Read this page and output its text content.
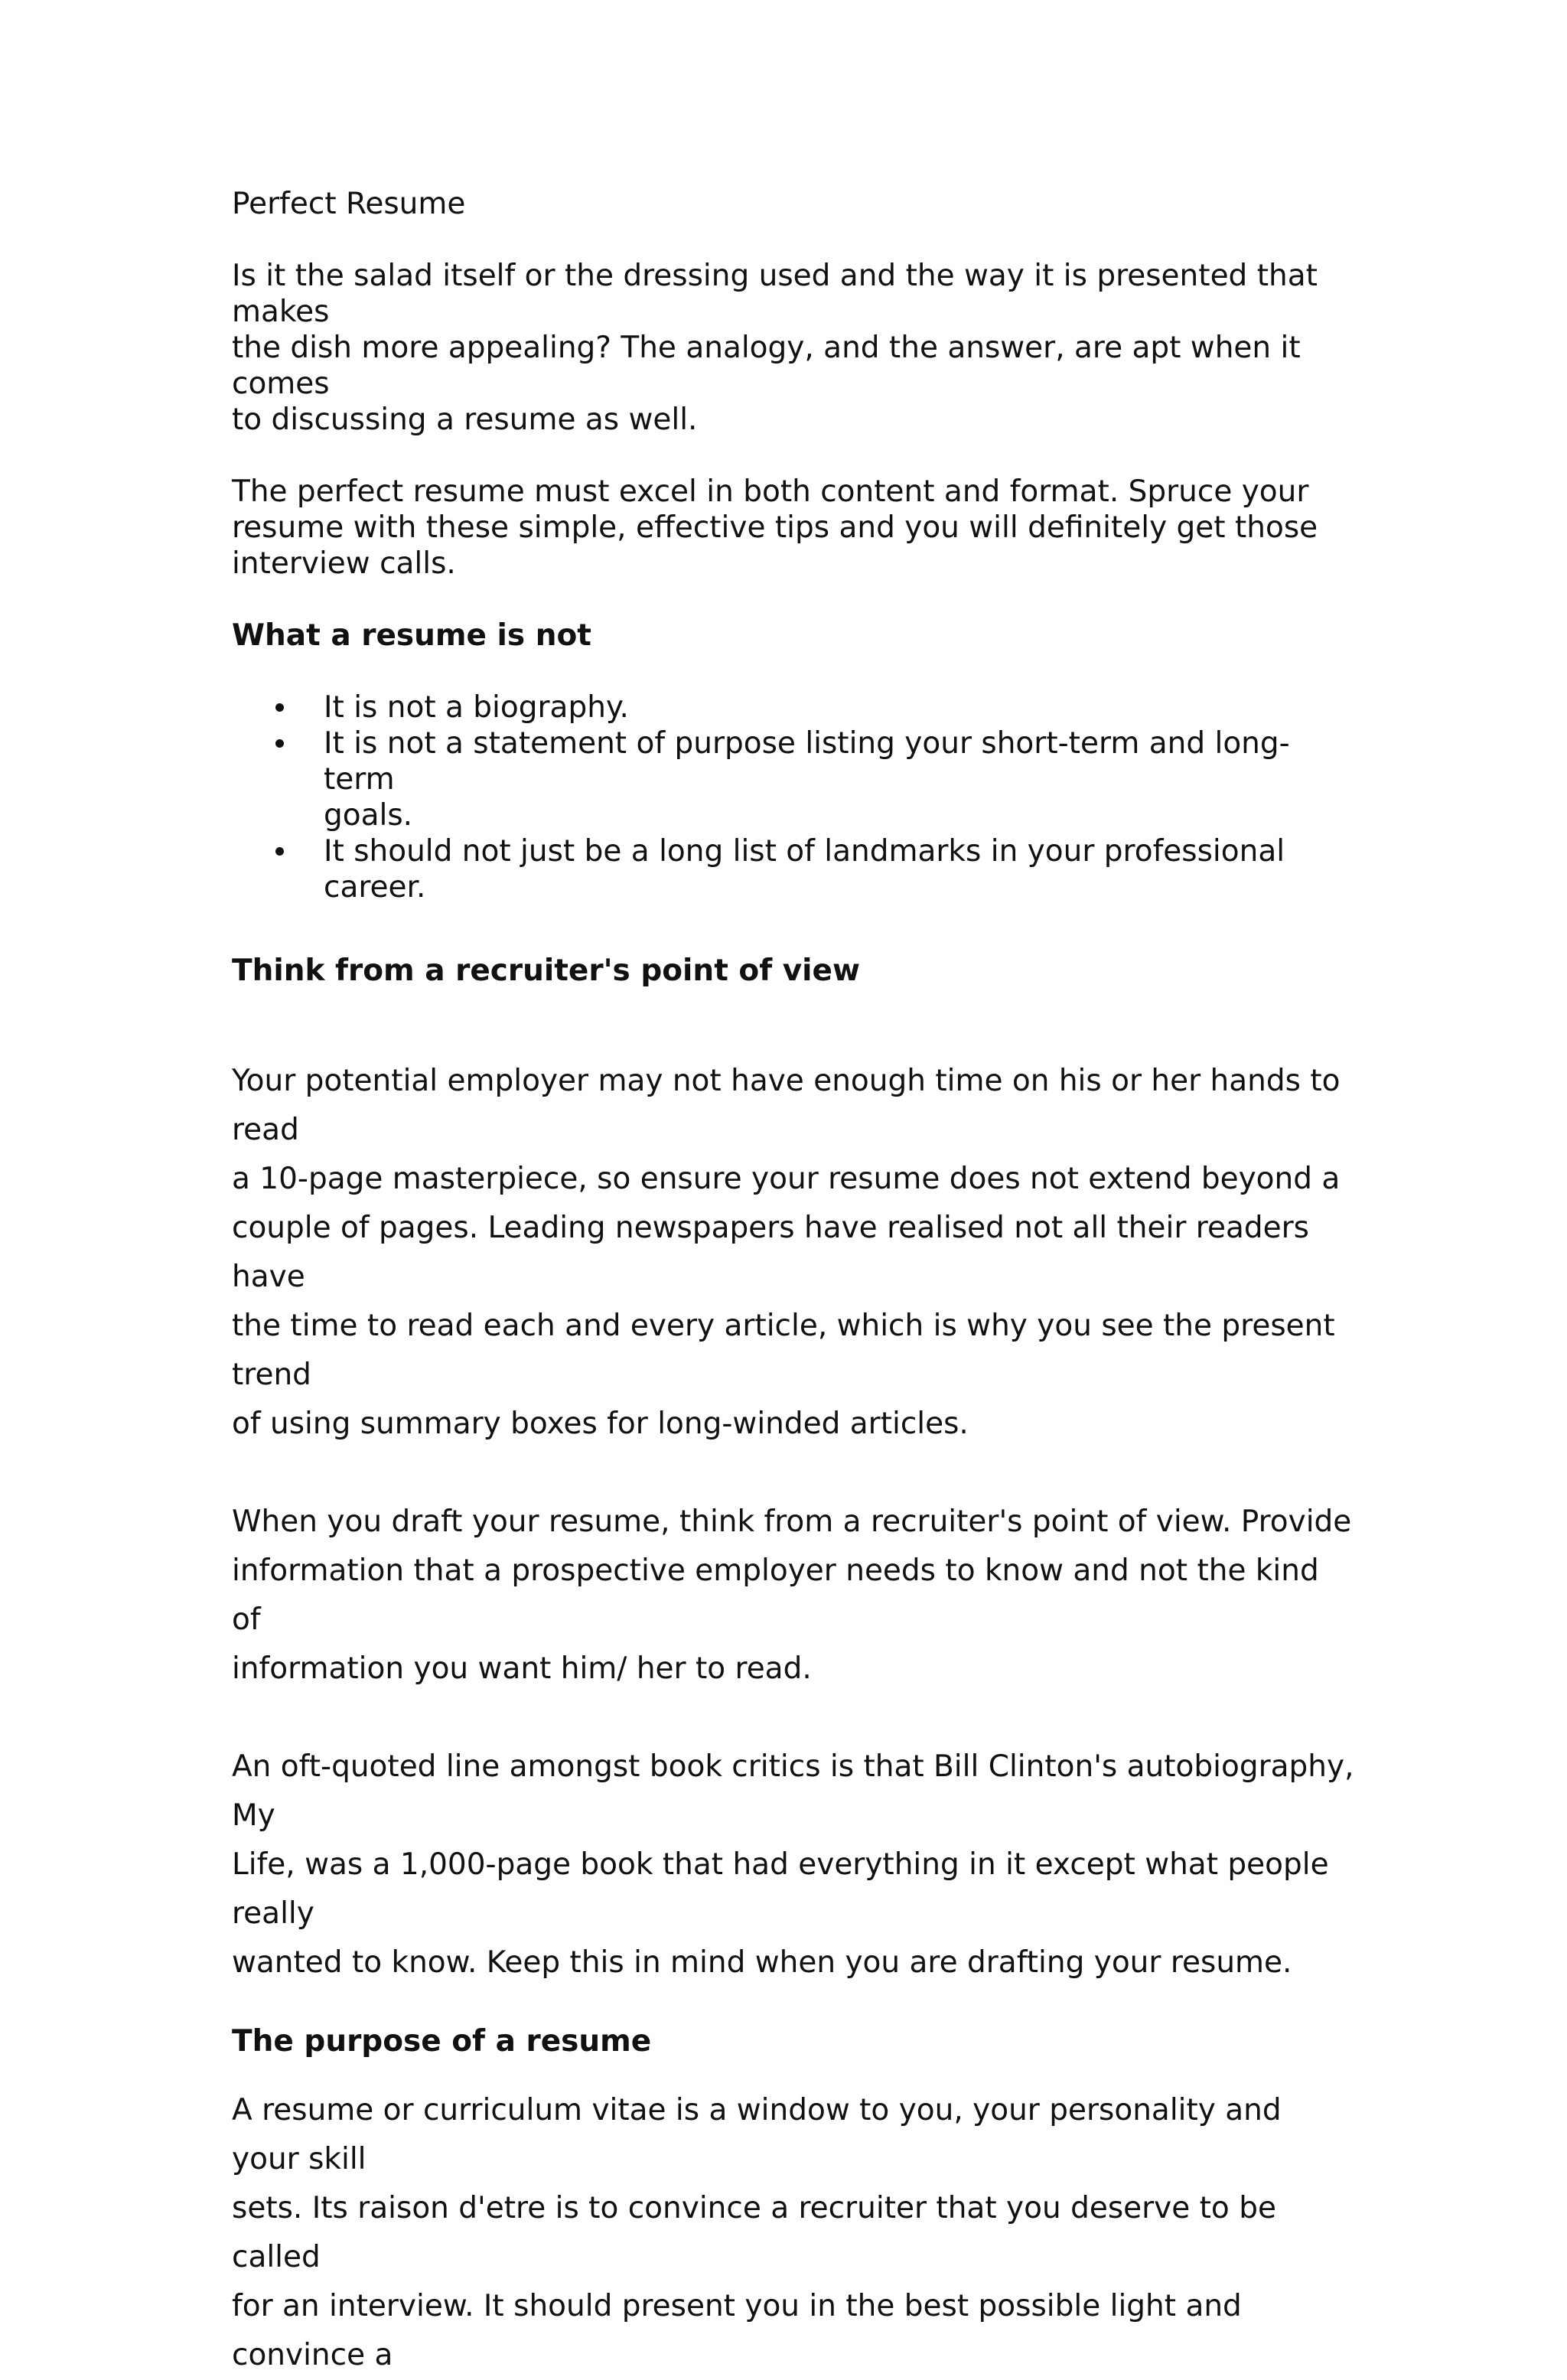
Perfect Resume

Is it the salad itself or the dressing used and the way it is presented that makes
the dish more appealing? The analogy, and the answer, are apt when it comes
to discussing a resume as well.

The perfect resume must excel in both content and format. Spruce your
resume with these simple, effective tips and you will definitely get those
interview calls.

What a resume is not

It is not a biography.
It is not a statement of purpose listing your short-term and long-term
goals.
It should not just be a long list of landmarks in your professional career.

Think from a recruiter's point of view

Your potential employer may not have enough time on his or her hands to read
a 10-page masterpiece, so ensure your resume does not extend beyond a
couple of pages. Leading newspapers have realised not all their readers have
the time to read each and every article, which is why you see the present trend
of using summary boxes for long-winded articles.

When you draft your resume, think from a recruiter's point of view. Provide
information that a prospective employer needs to know and not the kind of
information you want him/ her to read.

An oft-quoted line amongst book critics is that Bill Clinton's autobiography, My
Life, was a 1,000-page book that had everything in it except what people really
wanted to know. Keep this in mind when you are drafting your resume.

The purpose of a resume

A resume or curriculum vitae is a window to you, your personality and your skill
sets. Its raison d'etre is to convince a recruiter that you deserve to be called
for an interview. It should present you in the best possible light and convince a
